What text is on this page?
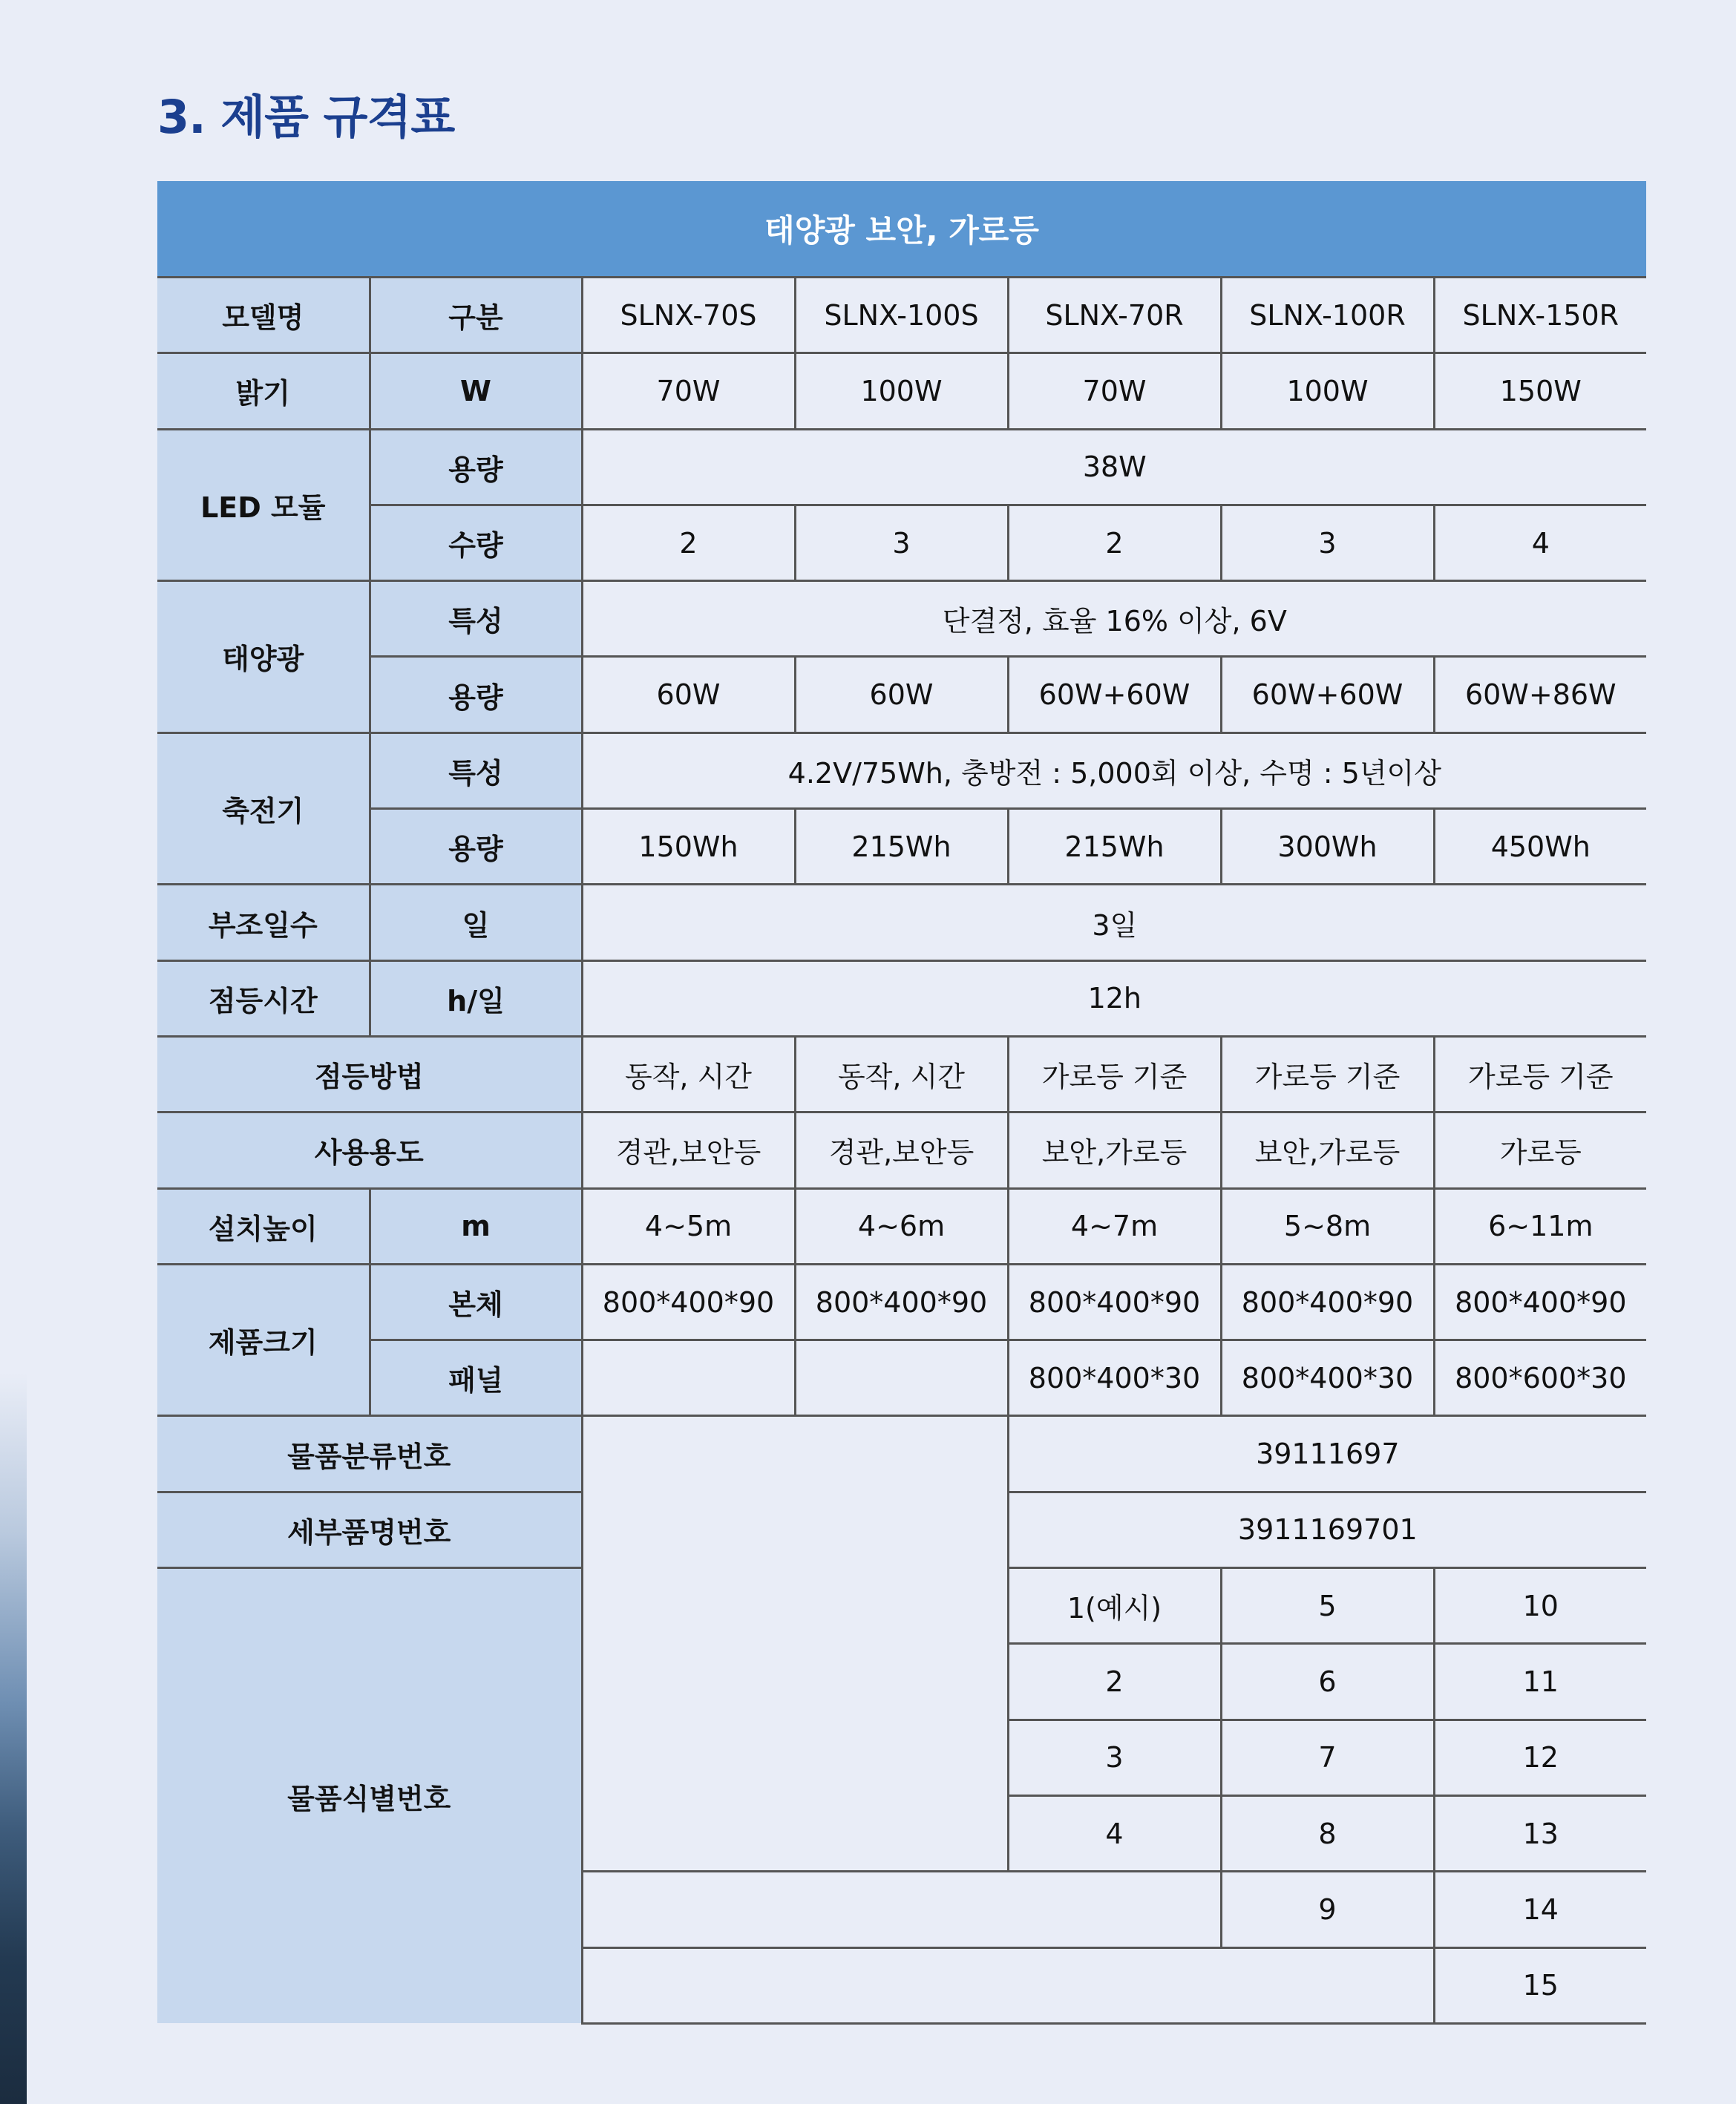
3. 제품 규격표
태양광 보안, 가로등						
모델명	구분	SLNX-70S	SLNX-100S	SLNX-70R	SLNX-100R	SLNX-150R
밝기	W	70W	100W	70W	100W	150W
LED 모듈	용량	38W				
	수량	2	3	2	3	4
태양광	특성	단결정, 효율 16% 이상, 6V				
	용량	60W	60W	60W+60W	60W+60W	60W+86W
축전기	특성	4.2V/75Wh, 충방전 : 5,000회 이상, 수명 : 5년이상				
	용량	150Wh	215Wh	215Wh	300Wh	450Wh
부조일수	일	3일				
점등시간	h/일	12h				
점등방법		동작, 시간	동작, 시간	가로등 기준	가로등 기준	가로등 기준
사용용도		경관,보안등	경관,보안등	보안,가로등	보안,가로등	가로등
설치높이	m	4~5m	4~6m	4~7m	5~8m	6~11m
제품크기	본체	800*400*90	800*400*90	800*400*90	800*400*90	800*400*90
	패널			800*400*30	800*400*30	800*600*30
물품분류번호				39111697		
세부품명번호				3911169701		
물품식별번호				1(예시)	5	10
				2	6	11
				3	7	12
				4	8	13
					9	14
						15
